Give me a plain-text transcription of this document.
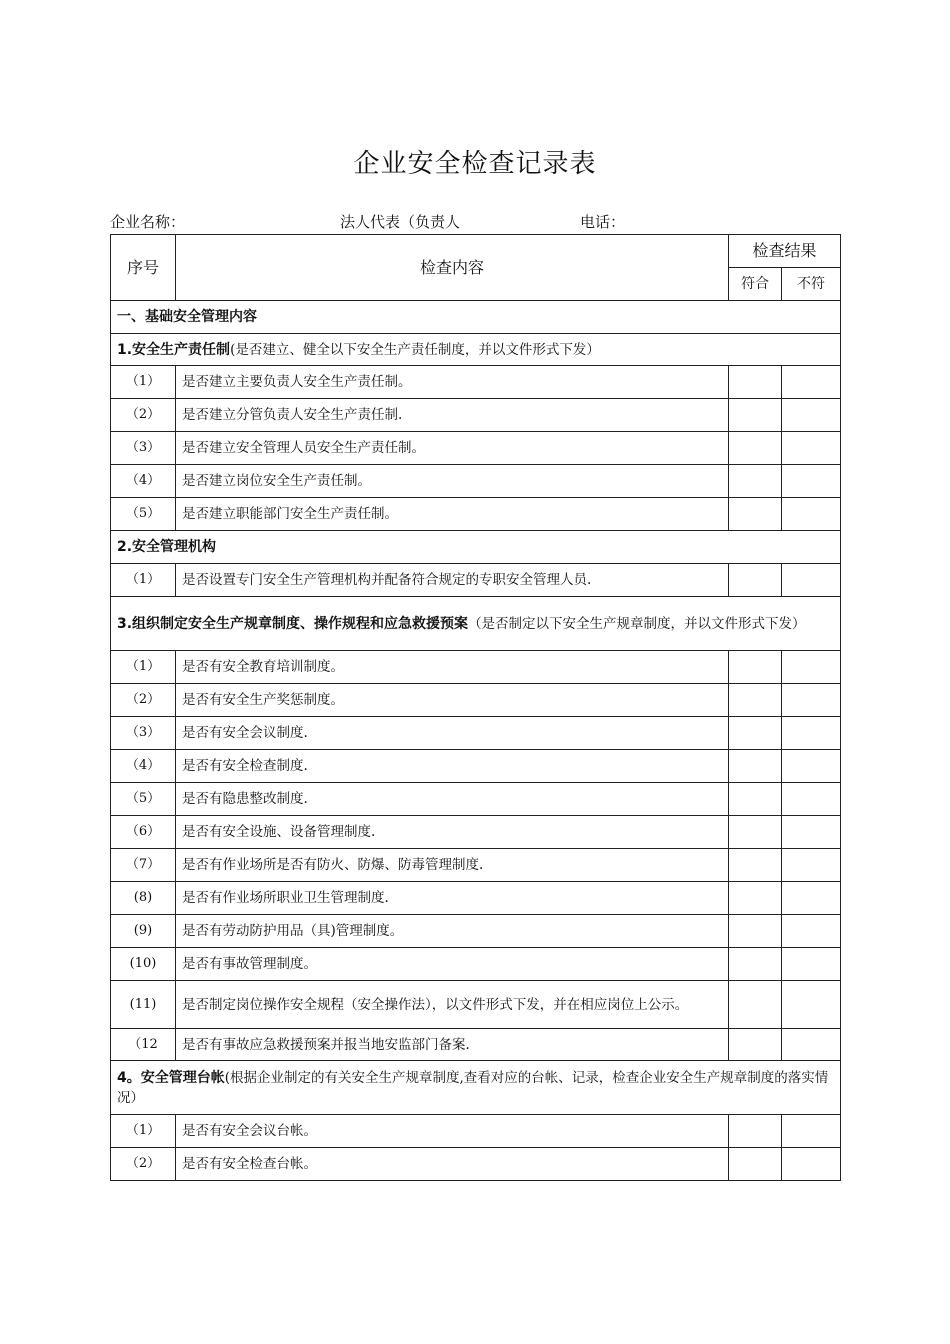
企业安全检查记录表
企业名称：	法人代表（负责人	电话：
序号	检查内容	检查结果	
		符合	不符
一、基础安全管理内容			
1.安全生产责任制(是否建立、健全以下安全生产责任制度，并以文件形式下发）			
（1）	是否建立主要负责人安全生产责任制。		
（2）	是否建立分管负责人安全生产责任制.		
（3）	是否建立安全管理人员安全生产责任制。		
（4）	是否建立岗位安全生产责任制。		
（5）	是否建立职能部门安全生产责任制。		
2.安全管理机构			
（1）	是否设置专门安全生产管理机构并配备符合规定的专职安全管理人员.		
3.组织制定安全生产规章制度、操作规程和应急救援预案（是否制定以下安全生产规章制度，并以文件形式下发）			
（1）	是否有安全教育培训制度。		
（2）	是否有安全生产奖惩制度。		
（3）	是否有安全会议制度.		
（4）	是否有安全检查制度.		
（5）	是否有隐患整改制度.		
（6）	是否有安全设施、设备管理制度.		
（7）	是否有作业场所是否有防火、防爆、防毒管理制度.		
(8)	是否有作业场所职业卫生管理制度.		
(9)	是否有劳动防护用品（具)管理制度。		
(10)	是否有事故管理制度。		
(11)	是否制定岗位操作安全规程（安全操作法），以文件形式下发，并在相应岗位上公示。		
（12	是否有事故应急救援预案并报当地安监部门备案.		
4。安全管理台帐(根据企业制定的有关安全生产规章制度,查看对应的台帐、记录，检查企业安全生产规章制度的落实情况）			
（1）	是否有安全会议台帐。		
（2）	是否有安全检查台帐。		
